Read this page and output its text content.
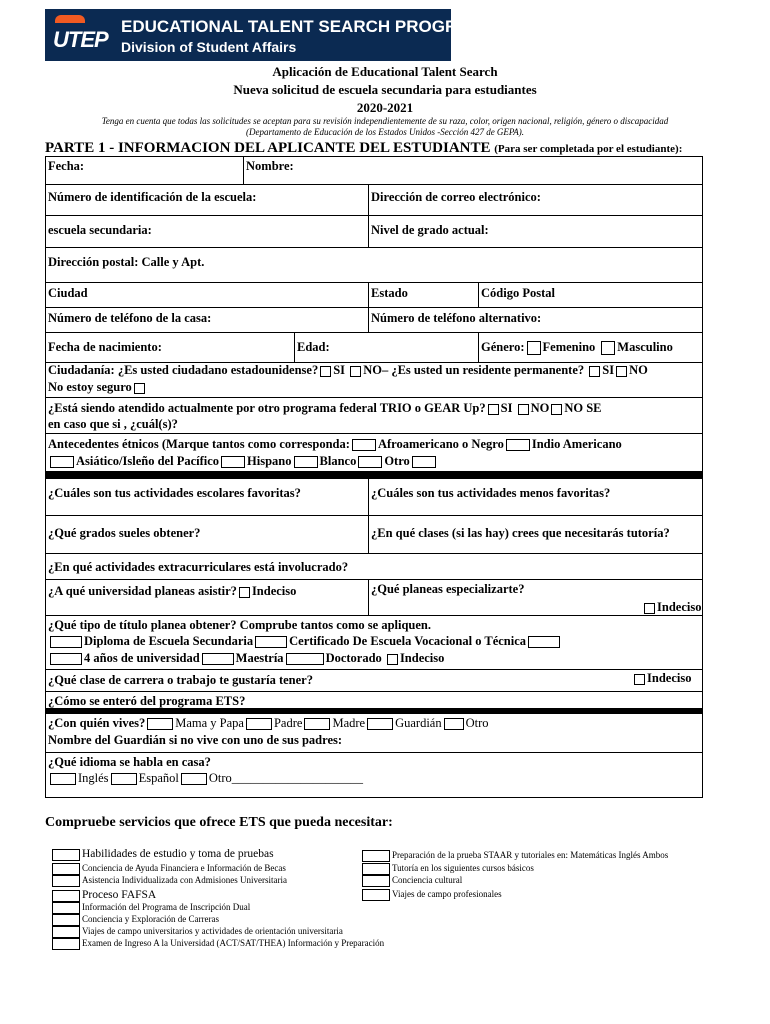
UTEP
EDUCATIONAL TALENT SEARCH PROGRAM
Division of Student Affairs
Aplicación de Educational Talent Search
Nueva solicitud de escuela secundaria para estudiantes
2020-2021
Tenga en cuenta que todas las solicitudes se aceptan para su revisión independientemente de su raza, color, origen nacional, religión, género o discapacidad
(Departamento de Educación de los Estados Unidos -Sección 427 de GEPA).
PARTE 1 - INFORMACION DEL APLICANTE DEL ESTUDIANTE (Para ser completada por el estudiante):
Fecha:	Nombre:
Número de identificación de la escuela:	Dirección de correo electrónico:
escuela secundaria:	Nivel de grado actual:
Dirección postal: Calle y Apt.
Ciudad	Estado	Código Postal
Número de teléfono de la casa:	Número de teléfono alternativo:
Fecha de nacimiento:	Edad:	Género: Femenino Masculino
Ciudadanía: ¿Es usted ciudadano estadounidense? SI NO– ¿Es usted un residente permanente? SI NO
No estoy seguro
¿Está siendo atendido actualmente por otro programa federal TRIO o GEAR Up? SI NO NO SE
en caso que si , ¿cuál(s)?
Antecedentes étnicos (Marque tantos como corresponda: Afroamericano o Negro Indio Americano
Asiático/Isleño del Pacífico Hispano Blanco Otro
¿Cuáles son tus actividades escolares favoritas?	¿Cuáles son tus actividades menos favoritas?
¿Qué grados sueles obtener?	¿En qué clases (si las hay) crees que necesitarás tutoría?
¿En qué actividades extracurriculares está involucrado?
¿A qué universidad planeas asistir? Indeciso	¿Qué planeas especializarte?
Indeciso
¿Qué tipo de título planea obtener? Comprube tantos como se apliquen.
Diploma de Escuela Secundaria	Certificado De Escuela Vocacional o Técnica
4 años de universidad	Maestría	Doctorado Indeciso
¿Qué clase de carrera o trabajo te gustaría tener?	Indeciso
¿Cómo se enteró del programa ETS?
¿Con quién vives? Mama y Papa Padre Madre Guardián Otro
Nombre del Guardián si no vive con uno de sus padres:
¿Qué idioma se habla en casa?
Inglés Español Otro_____________________
Compruebe servicios que ofrece ETS que pueda necesitar:
Habilidades de estudio y toma de pruebas
Conciencia de Ayuda Financiera e Información de Becas
Asistencia Individualizada con Admisiones Universitaria
Proceso FAFSA
Información del Programa de Inscripción Dual
Conciencia y Exploración de Carreras
Viajes de campo universitarios y actividades de orientación universitaria
Examen de Ingreso A la Universidad (ACT/SAT/THEA) Información y Preparación
Preparación de la prueba STAAR y tutoriales en: Matemáticas Inglés Ambos
Tutoría en los siguientes cursos básicos
Conciencia cultural
Viajes de campo profesionales
